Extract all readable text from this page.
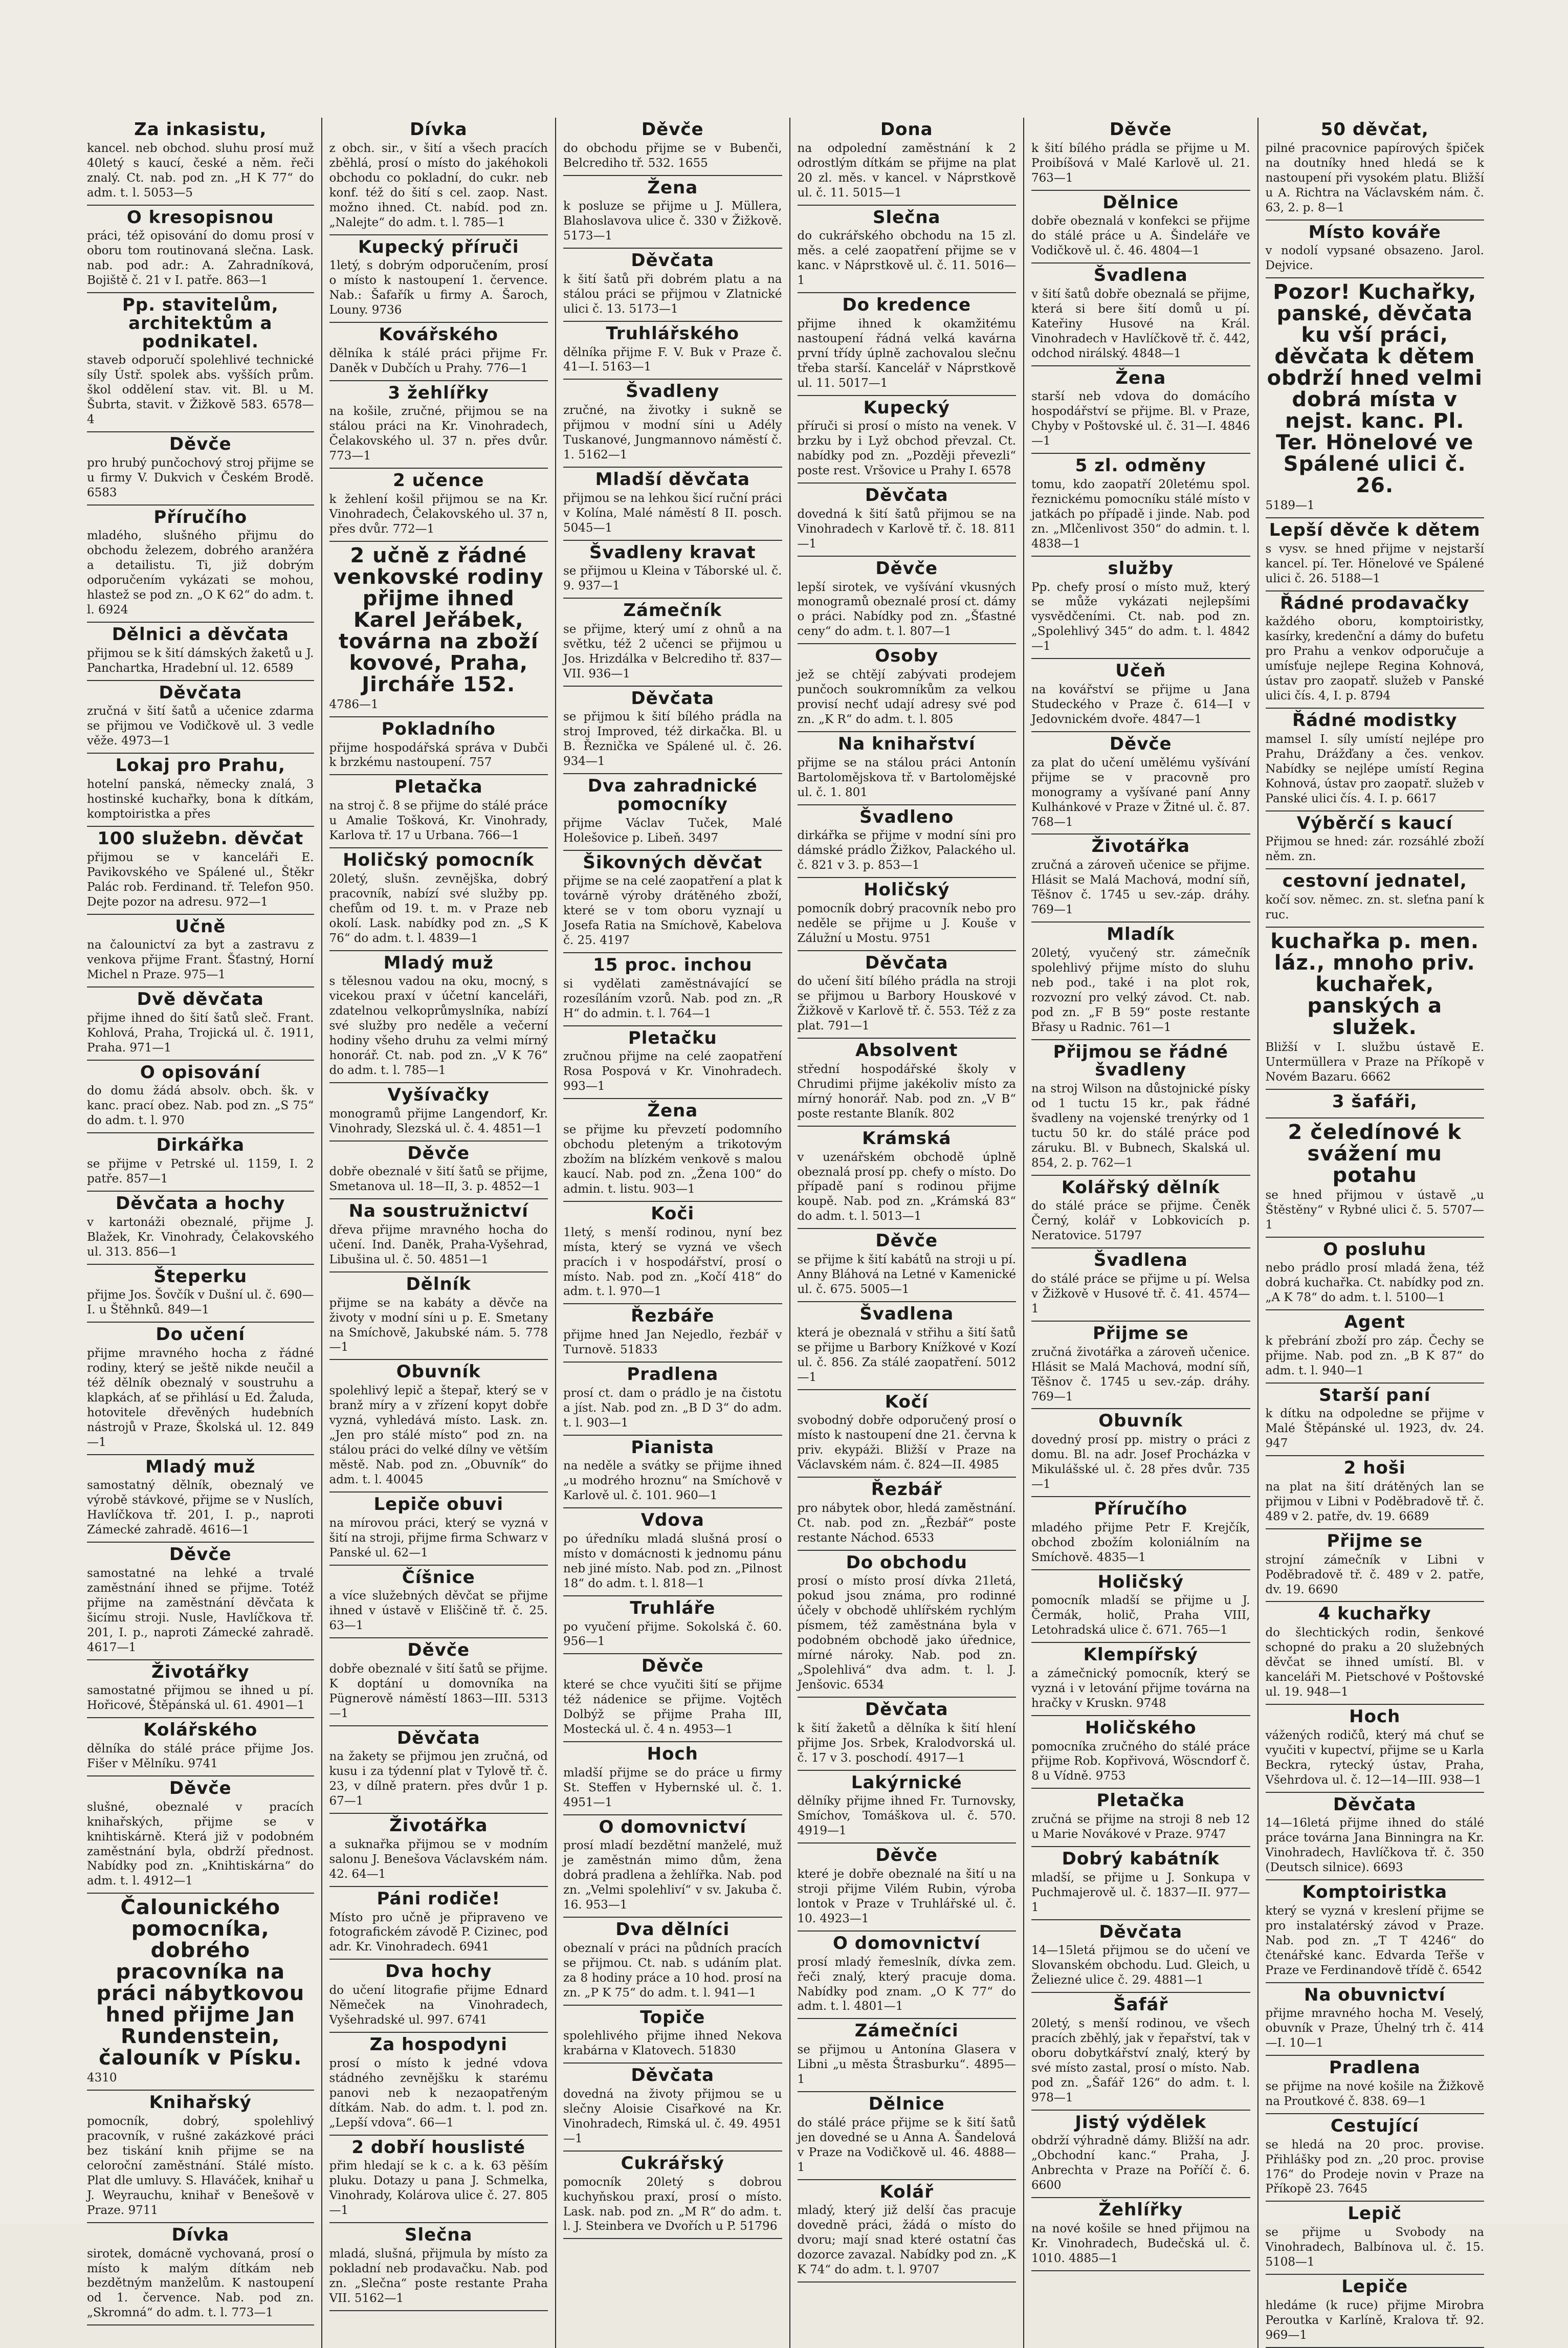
Za inkasistu,

kancel. neb obchod. sluhu prosí muž 40letý s kaucí, české a něm. řeči znalý. Ct. nab. pod zn. „H K 77“ do adm. t. l. 5053—5

O kresopisnou

práci, též opisování do domu prosí v oboru tom routinovaná slečna. Lask. nab. pod adr.: A. Zahradníková, Bojiště č. 21 v I. patře. 863—1

Pp. stavitelům, architektům a podnikatel.

staveb odporučí spolehlivé technické síly Ústř. spolek abs. vyšších prům. škol oddělení stav. vit. Bl. u M. Šubrta, stavit. v Žižkově 583. 6578—4

Děvče

pro hrubý punčochový stroj přijme se u firmy V. Dukvich v Českém Brodě. 6583

Příručího

mladého, slušného přijmu do obchodu železem, dobrého aranžéra a detailistu. Ti, již dobrým odporučením vykázati se mohou, hlastež se pod zn. „O K 62“ do adm. t. l. 6924

Dělnici a děvčata

přijmou se k šití dámských žaketů u J. Panchartka, Hradební ul. 12. 6589

Děvčata

zručná v šití šatů a učenice zdarma se přijmou ve Vodičkově ul. 3 vedle věže. 4973—1

Lokaj pro Prahu,

hotelní panská, německy znalá, 3 hostinské kuchařky, bona k dítkám, komptoiristka a přes

100 služebn. děvčat

přijmou se v kanceláři E. Pavikovského ve Spálené ul., Štěkr Palác rob. Ferdinand. tř. Telefon 950. Dejte pozor na adresu. 972—1

Učně

na čalounictví za byt a zastravu z venkova přijme Frant. Šťastný, Horní Michel n Praze. 975—1

Dvě děvčata

přijme ihned do šití šatů sleč. Frant. Kohlová, Praha, Trojická ul. č. 1911, Praha. 971—1

O opisování

do domu žádá absolv. obch. šk. v kanc. prací obez. Nab. pod zn. „S 75“ do adm. t. l. 970

Dirkářka

se přijme v Petrské ul. 1159, I. 2 patře. 857—1

Děvčata a hochy

v kartonáži obeznalé, přijme J. Blažek, Kr. Vinohrady, Čelakovského ul. 313. 856—1

Šteperku

přijme Jos. Šovčík v Dušní ul. č. 690—I. u Štěhnků. 849—1

Do učení

přijme mravného hocha z řádné rodiny, který se ještě nikde neučil a též dělník obeznalý v soustruhu a klapkách, ať se přihlásí u Ed. Žaluda, hotovitele dřevěných hudebních nástrojů v Praze, Školská ul. 12. 849—1

Mladý muž

samostatný dělník, obeznalý ve výrobě stávkové, přijme se v Nuslích, Havlíčkova tř. 201, I. p., naproti Zámecké zahradě. 4616—1

Děvče

samostatné na lehké a trvalé zaměstnání ihned se přijme. Totéž přijme na zaměstnání děvčata k šicímu stroji. Nusle, Havlíčkova tř. 201, I. p., naproti Zámecké zahradě. 4617—1

Životářky

samostatné přijmou se ihned u pí. Hořicové, Štěpánská ul. 61. 4901—1

Kolářského

dělníka do stálé práce přijme Jos. Fišer v Mělníku. 9741

Děvče

slušné, obeznalé v pracích knihařských, přijme se v knihtiskárně. Která již v podobném zaměstnání byla, obdrží přednost. Nabídky pod zn. „Knihtiskárna“ do adm. t. l. 4912—1

Čalounického pomocníka, dobrého pracovníka na práci nábytkovou hned přijme Jan Rundenstein, čalouník v Písku.

4310

Knihařský

pomocník, dobrý, spolehlivý pracovník, v rušné zakázkové práci bez tiskání knih přijme se na celoroční zaměstnání. Stálé místo. Plat dle umluvy. S. Hlaváček, knihař u J. Weyrauchu, knihař v Benešově v Praze. 9711

Dívka

sirotek, domácně vychovaná, prosí o místo k malým dítkám neb bezdětným manželům. K nastoupení od 1. července. Nab. pod zn. „Skromná“ do adm. t. l. 773—1

Dívka

z obch. sir., v šití a všech pracích zběhlá, prosí o místo do jakéhokoli obchodu co pokladní, do cukr. neb konf. též do šití s cel. zaop. Nast. možno ihned. Ct. nabíd. pod zn. „Nalejte“ do adm. t. l. 785—1

Kupecký příruči

1letý, s dobrým odporučením, prosí o místo k nastoupení 1. července. Nab.: Šafařík u firmy A. Šaroch, Louny. 9736

Kovářského

dělníka k stálé práci přijme Fr. Daněk v Dubčích u Prahy. 776—1

3 žehlířky

na košile, zručné, přijmou se na stálou práci na Kr. Vinohradech, Čelakovského ul. 37 n. přes dvůr. 773—1

2 učence

k žehlení košil přijmou se na Kr. Vinohradech, Čelakovského ul. 37 n, přes dvůr. 772—1

2 učně z řádné venkovské rodiny přijme ihned Karel Jeřábek, továrna na zboží kovové, Praha, Jircháře 152.

4786—1

Pokladního

přijme hospodářská správa v Dubči k brzkému nastoupení. 757

Pletačka

na stroj č. 8 se přijme do stálé práce u Amalie Tošková, Kr. Vinohrady, Karlova tř. 17 u Urbana. 766—1

Holičský pomocník

20letý, slušn. zevnějška, dobrý pracovník, nabízí své služby pp. chefům od 19. t. m. v Praze neb okolí. Lask. nabídky pod zn. „S K 76“ do adm. t. l. 4839—1

Mladý muž

s tělesnou vadou na oku, mocný, s vicekou praxí v účetní kanceláři, zdatelnou velkoprůmyslníka, nabízí své služby pro neděle a večerní hodiny všeho druhu za velmi mírný honorář. Ct. nab. pod zn. „V K 76“ do adm. t. l. 785—1

Vyšívačky

monogramů přijme Langendorf, Kr. Vinohrady, Slezská ul. č. 4. 4851—1

Děvče

dobře obeznalé v šití šatů se přijme, Smetanova ul. 18—II, 3. p. 4852—1

Na soustružnictví

dřeva přijme mravného hocha do učení. Ind. Daněk, Praha-Vyšehrad, Libušina ul. č. 50. 4851—1

Dělník

přijme se na kabáty a děvče na životy v modní síni u p. E. Smetany na Smíchově, Jakubské nám. 5. 778—1

Obuvník

spolehlivý lepič a štepař, který se v branž míry a v zřízení kopyt dobře vyzná, vyhledává místo. Lask. zn. „Jen pro stálé místo“ pod zn. na stálou práci do velké dílny ve větším městě. Nab. pod zn. „Obuvník“ do adm. t. l. 40045

Lepiče obuvi

na mírovou práci, který se vyzná v šití na stroji, přijme firma Schwarz v Panské ul. 62—1

Číšnice

a více služebných děvčat se přijme ihned v ústavě v Eliščině tř. č. 25. 63—1

Děvče

dobře obeznalé v šití šatů se přijme. K doptání u domovníka na Pügnerově náměstí 1863—III. 5313—1

Děvčata

na žakety se přijmou jen zručná, od kusu i za týdenní plat v Tylově tř. č. 23, v dílně pratern. přes dvůr 1 p. 67—1

Životářka

a suknařka přijmou se v modním salonu J. Benešova Václavském nám. 42. 64—1

Páni rodiče!

Místo pro učně je připraveno ve fotografickém závodě P. Cizinec, pod adr. Kr. Vinohradech. 6941

Dva hochy

do učení litografie přijme Ednard Němeček na Vinohradech, Vyšehradské ul. 997. 6741

Za hospodyni

prosí o místo k jedné vdova stádného zevnějšku k starému panovi neb k nezaopatřeným dítkám. Nab. do adm. t. l. pod zn. „Lepší vdova“. 66—1

2 dobří houslisté

přim hledají se k c. a k. 63 pěším pluku. Dotazy u pana J. Schmelka, Vinohrady, Kolárova ulice č. 27. 805—1

Slečna

mladá, slušná, přijmula by místo za pokladní neb prodavačku. Nab. pod zn. „Slečna“ poste restante Praha VII. 5162—1

Děvče

do obchodu přijme se v Bubenči, Belcrediho tř. 532. 1655

Žena

k posluze se přijme u J. Müllera, Blahoslavova ulice č. 330 v Žižkově. 5173—1

Děvčata

k šití šatů při dobrém platu a na stálou práci se přijmou v Zlatnické ulici č. 13. 5173—1

Truhlářského

dělníka přijme F. V. Buk v Praze č. 41—I. 5163—1

Švadleny

zručné, na životky i sukně se přijmou v modní síni u Adély Tuskanové, Jungmannovo náměstí č. 1. 5162—1

Mladší děvčata

přijmou se na lehkou šicí ruční práci v Kolína, Malé náměstí 8 II. posch. 5045—1

Švadleny kravat

se přijmou u Kleina v Táborské ul. č. 9. 937—1

Zámečník

se přijme, který umí z ohnů a na světku, též 2 učenci se přijmou u Jos. Hrizdálka v Belcrediho tř. 837—VII. 936—1

Děvčata

se přijmou k šití bílého prádla na stroj Improved, též dirkačka. Bl. u B. Řeznička ve Spálené ul. č. 26. 934—1

Dva zahradnické pomocníky

přijme Václav Tuček, Malé Holešovice p. Libeň. 3497

Šikovných děvčat

přijme se na celé zaopatření a plat k továrně výroby drátěného zboží, které se v tom oboru vyznají u Josefa Ratia na Smíchově, Kabelova č. 25. 4197

15 proc. inchou

si vydělati zaměstnávající se rozesíláním vzorů. Nab. pod zn. „R H“ do admin. t. l. 764—1

Pletačku

zručnou přijme na celé zaopatření Rosa Pospová v Kr. Vinohradech. 993—1

Žena

se přijme ku převzetí podomního obchodu pleteným a trikotovým zbožím na blízkém venkově s malou kaucí. Nab. pod zn. „Žena 100“ do admin. t. listu. 903—1

Koči

1letý, s menší rodinou, nyní bez místa, který se vyzná ve všech pracích i v hospodářství, prosí o místo. Nab. pod zn. „Kočí 418“ do adm. t. l. 970—1

Řezbáře

přijme hned Jan Nejedlo, řezbář v Turnově. 51833

Pradlena

prosí ct. dam o prádlo je na čistotu a jíst. Nab. pod zn. „B D 3“ do adm. t. l. 903—1

Pianista

na neděle a svátky se přijme ihned „u modrého hroznu“ na Smíchově v Karlově ul. č. 101. 960—1

Vdova

po úředníku mladá slušná prosí o místo v domácnosti k jednomu pánu neb jiné místo. Nab. pod zn. „Pilnost 18“ do adm. t. l. 818—1

Truhláře

po vyučení přijme. Sokolská č. 60. 956—1

Děvče

které se chce vyučiti šití se přijme též nádenice se přijme. Vojtěch Dolbýž se přijme Praha III, Mostecká ul. č. 4 n. 4953—1

Hoch

mladší přijme se do práce u firmy St. Steffen v Hybernské ul. č. 1. 4951—1

O domovnictví

prosí mladí bezdětní manželé, muž je zaměstnán mimo dům, žena dobrá pradlena a žehlířka. Nab. pod zn. „Velmi spolehliví“ v sv. Jakuba č. 16. 953—1

Dva dělníci

obeznalí v práci na půdních pracích se přijmou. Ct. nab. s udáním plat. za 8 hodiny práce a 10 hod. prosí na zn. „P K 75“ do adm. t. l. 941—1

Topiče

spolehlivého přijme ihned Nekova krabárna v Klatovech. 51830

Děvčata

dovedná na životy přijmou se u slečny Aloisie Cisařkové na Kr. Vinohradech, Rimská ul. č. 49. 4951—1

Cukrářský

pomocník 20letý s dobrou kuchyňskou praxí, prosí o místo. Lask. nab. pod zn. „M R“ do adm. t. l. J. Steinbera ve Dvořích u P. 51796

Dona

na odpolední zaměstnání k 2 odrostlým dítkám se přijme na plat 20 zl. měs. v kancel. v Náprstkově ul. č. 11. 5015—1

Slečna

do cukrářského obchodu na 15 zl. měs. a celé zaopatření přijme se v kanc. v Náprstkově ul. č. 11. 5016—1

Do kredence

přijme ihned k okamžitému nastoupení řádná velká kavárna první třídy úplně zachovalou slečnu třeba starší. Kancelář v Náprstkově ul. 11. 5017—1

Kupecký

příruči si prosí o místo na venek. V brzku by i Lyž obchod převzal. Ct. nabídky pod zn. „Později převezli“ poste rest. Vršovice u Prahy I. 6578

Děvčata

dovedná k šití šatů přijmou se na Vinohradech v Karlově tř. č. 18. 811—1

Děvče

lepší sirotek, ve vyšívání vkusných monogramů obeznalé prosí ct. dámy o práci. Nabídky pod zn. „Šťastné ceny“ do adm. t. l. 807—1

Osoby

jež se chtějí zabývati prodejem punčoch soukromníkům za velkou provisí nechť udají adresy své pod zn. „K R“ do adm. t. l. 805

Na knihařství

přijme se na stálou práci Antonín Bartolomějskova tř. v Bartolomějské ul. č. 1. 801

Švadleno

dirkářka se přijme v modní síni pro dámské prádlo Žižkov, Palackého ul. č. 821 v 3. p. 853—1

Holičský

pomocník dobrý pracovník nebo pro neděle se přijme u J. Kouše v Zálužní u Mostu. 9751

Děvčata

do učení šití bílého prádla na stroji se přijmou u Barbory Houskové v Žižkově v Karlově tř. č. 553. Též z za plat. 791—1

Absolvent

střední hospodářské školy v Chrudimi přijme jakékoliv místo za mírný honorář. Nab. pod zn. „V B“ poste restante Blaník. 802

Krámská

v uzenářském obchodě úplně obeznalá prosí pp. chefy o místo. Do případě paní s rodinou přijme koupě. Nab. pod zn. „Krámská 83“ do adm. t. l. 5013—1

Děvče

se přijme k šití kabátů na stroji u pí. Anny Bláhová na Letné v Kamenické ul. č. 675. 5005—1

Švadlena

která je obeznalá v střihu a šití šatů se přijme u Barbory Knížkové v Kozí ul. č. 856. Za stálé zaopatření. 5012—1

Kočí

svobodný dobře odporučený prosí o místo k nastoupení dne 21. června k priv. ekypáži. Bližší v Praze na Václavském nám. č. 824—II. 4985

Řezbář

pro nábytek obor, hledá zaměstnání. Ct. nab. pod zn. „Řezbář“ poste restante Náchod. 6533

Do obchodu

prosí o místo prosí dívka 21letá, pokud jsou známa, pro rodinné účely v obchodě uhlířském rychlým písmem, též zaměstnána byla v podobném obchodě jako úřednice, mírné nároky. Nab. pod zn. „Spolehlivá“ dva adm. t. l. J. Jenšovic. 6534

Děvčata

k šití žaketů a dělníka k šití hlení přijme Jos. Srbek, Kralodvorská ul. č. 17 v 3. poschodí. 4917—1

Lakýrnické

dělníky přijme ihned Fr. Turnovsky, Smíchov, Tomáškova ul. č. 570. 4919—1

Děvče

které je dobře obeznalé na šití u na stroji přijme Vilém Rubin, výroba lontok v Praze v Truhlářské ul. č. 10. 4923—1

O domovnictví

prosí mladý řemeslník, dívka zem. řeči znalý, který pracuje doma. Nabídky pod znam. „O K 77“ do adm. t. l. 4801—1

Zámečníci

se přijmou u Antonína Glasera v Libni „u města Štrasburku“. 4895—1

Dělnice

do stálé práce přijme se k šití šatů jen dovedné se u Anna A. Šandelová v Praze na Vodičkově ul. 46. 4888—1

Kolář

mladý, který již delší čas pracuje dovedně práci, žádá o místo do dvoru; mají snad které ostatní čas dozorce zavazal. Nabídky pod zn. „K K 74“ do adm. t. l. 9707

Děvče

k šití bílého prádla se přijme u M. Proibíšová v Malé Karlově ul. 21. 763—1

Dělnice

dobře obeznalá v konfekci se přijme do stálé práce u A. Šindeláře ve Vodičkově ul. č. 46. 4804—1

Švadlena

v šití šatů dobře obeznalá se přijme, která si bere šití domů u pí. Kateřiny Husové na Král. Vinohradech v Havlíčkově tř. č. 442, odchod nirálský. 4848—1

Žena

starší neb vdova do domácího hospodářství se přijme. Bl. v Praze, Chyby v Poštovské ul. č. 31—I. 4846—1

5 zl. odměny

tomu, kdo zaopatří 20letému spol. řeznickému pomocníku stálé místo v jatkách po případě i jinde. Nab. pod zn. „Mlčenlivost 350“ do admin. t. l. 4838—1

služby

Pp. chefy prosí o místo muž, který se může vykázati nejlepšími vysvědčeními. Ct. nab. pod zn. „Spolehlivý 345“ do adm. t. l. 4842—1

Učeň

na kovářství se přijme u Jana Studeckého v Praze č. 614—I v Jedovnickém dvoře. 4847—1

Děvče

za plat do učení umělému vyšívání přijme se v pracovně pro monogramy a vyšívané paní Anny Kulhánkové v Praze v Žitné ul. č. 87. 768—1

Životářka

zručná a zároveň učenice se přijme. Hlásit se Malá Machová, modní síň, Těšnov č. 1745 u sev.-záp. dráhy. 769—1

Mladík

20letý, vyučený str. zámečník spolehlivý přijme místo do sluhu neb pod., také i na plot rok, rozvozní pro velký závod. Ct. nab. pod zn. „F B 59“ poste restante Břasy u Radnic. 761—1

Přijmou se řádné švadleny

na stroj Wilson na důstojnické písky od 1 tuctu 15 kr., pak řádné švadleny na vojenské trenýrky od 1 tuctu 50 kr. do stálé práce pod záruku. Bl. v Bubnech, Skalská ul. 854, 2. p. 762—1

Kolářský dělník

do stálé práce se přijme. Čeněk Černý, kolář v Lobkovicích p. Neratovice. 51797

Švadlena

do stálé práce se přijme u pí. Welsa v Žižkově v Husové tř. č. 41. 4574—1

Přijme se

zručná životářka a zároveň učenice. Hlásit se Malá Machová, modní síň, Těšnov č. 1745 u sev.-záp. dráhy. 769—1

Obuvník

dovedný prosí pp. mistry o práci z domu. Bl. na adr. Josef Procházka v Mikulášské ul. č. 28 přes dvůr. 735—1

Příručího

mladého přijme Petr F. Krejčík, obchod zbožím koloniálním na Smíchově. 4835—1

Holičský

pomocník mladší se přijme u J. Čermák, holič, Praha VIII, Letohradská ulice č. 671. 765—1

Klempířský

a zámečnický pomocník, který se vyzná i v letování přijme továrna na hračky v Kruskn. 9748

Holičského

pomocníka zručného do stálé práce přijme Rob. Kopřivová, Wöscndorf č. 8 u Vídně. 9753

Pletačka

zručná se přijme na stroji 8 neb 12 u Marie Novákové v Praze. 9747

Dobrý kabátník

mladší, se přijme u J. Sonkupa v Puchmajerově ul. č. 1837—II. 977—1

Děvčata

14—15letá přijmou se do učení ve Slovanském obchodu. Lud. Gleich, u Želiezné ulice č. 29. 4881—1

Šafář

20letý, s menší rodinou, ve všech pracích zběhlý, jak v řepařství, tak v oboru dobytkářství znalý, který by své místo zastal, prosí o místo. Nab. pod zn. „Šafář 126“ do adm. t. l. 978—1

Jistý výdělek

obdrží výhradně dámy. Bližší na adr. „Obchodní kanc.“ Praha, J. Anbrechta v Praze na Poříčí č. 6. 6600

Žehlířky

na nové košile se hned přijmou na Kr. Vinohradech, Budečská ul. č. 1010. 4885—1

50 děvčat,

pilné pracovnice papírových špiček na doutníky hned hledá se k nastoupení při vysokém platu. Bližší u A. Richtra na Václavském nám. č. 63, 2. p. 8—1

Místo kováře

v nodolí vypsané obsazeno. Jarol. Dejvice.

Pozor! Kuchařky, panské, děvčata ku vší práci, děvčata k dětem obdrží hned velmi dobrá místa v nejst. kanc. Pl. Ter. Hönelové ve Spálené ulici č. 26.

5189—1

Lepší děvče k dětem

s vysv. se hned přijme v nejstarší kancel. pí. Ter. Hönelové ve Spálené ulici č. 26. 5188—1

Řádné prodavačky

každého oboru, komptoiristky, kasírky, kredenční a dámy do bufetu pro Prahu a venkov odporučuje a umísťuje nejlepe Regina Kohnová, ústav pro zaopatř. služeb v Panské ulici čís. 4, I. p. 8794

Řádné modistky

mamsel I. síly umístí nejlépe pro Prahu, Drážďany a čes. venkov. Nabídky se nejlépe umístí Regina Kohnová, ústav pro zaopatř. služeb v Panské ulici čís. 4. I. p. 6617

Výběrčí s kaucí

Přijmou se hned: zár. rozsáhlé zboží něm. zn.

cestovní jednatel,

kočí sov. němec. zn. st. sleťna paní k ruc.

kuchařka p. men. láz., mnoho priv. kuchařek, panských a služek.

Bližší v I. službu ústavě E. Untermüllera v Praze na Příkopě v Novém Bazaru. 6662

3 šafáři,

2 čeledínové k svážení mu potahu

se hned přijmou v ústavě „u Štěstěny“ v Rybné ulici č. 5. 5707—1

O posluhu

nebo prádlo prosí mladá žena, též dobrá kuchařka. Ct. nabídky pod zn. „A K 78“ do adm. t. l. 5100—1

Agent

k přebrání zboží pro záp. Čechy se přijme. Nab. pod zn. „B K 87“ do adm. t. l. 940—1

Starší paní

k dítku na odpoledne se přijme v Malé Štěpánské ul. 1923, dv. 24. 947

2 hoši

na plat na šití drátěných lan se přijmou v Libni v Poděbradově tř. č. 489 v 2. patře, dv. 19. 6689

Přijme se

strojní zámečník v Libni v Poděbradově tř. č. 489 v 2. patře, dv. 19. 6690

4 kuchařky

do šlechtických rodin, šenkové schopné do praku a 20 služebných děvčat se ihned umístí. Bl. v kanceláři M. Pietschové v Poštovské ul. 19. 948—1

Hoch

vážených rodičů, který má chuť se vyučiti v kupectví, přijme se u Karla Beckra, rytecký ústav, Praha, Všehrdova ul. č. 12—14—III. 938—1

Děvčata

14—16letá přijme ihned do stálé práce továrna Jana Binningra na Kr. Vinohradech, Havlíčkova tř. č. 350 (Deutsch silnice). 6693

Komptoiristka

který se vyzná v kreslení přijme se pro instalatérský závod v Praze. Nab. pod zn. „T T 4246“ do čtenářské kanc. Edvarda Teřše v Praze ve Ferdinandově třídě č. 6542

Na obuvnictví

přijme mravného hocha M. Veselý, obuvník v Praze, Úhelný trh č. 414—I. 10—1

Pradlena

se přijme na nové košile na Žižkově na Proutkové č. 838. 69—1

Cestující

se hledá na 20 proc. provise. Přihlášky pod zn. „20 proc. provise 176“ do Prodeje novin v Praze na Příkopě 23. 7645

Lepič

se přijme u Svobody na Vinohradech, Balbínova ul. č. 15. 5108—1

Lepiče

hledáme (k ruce) přijme Mirobra Peroutka v Karlíně, Kralova tř. 92. 969—1
